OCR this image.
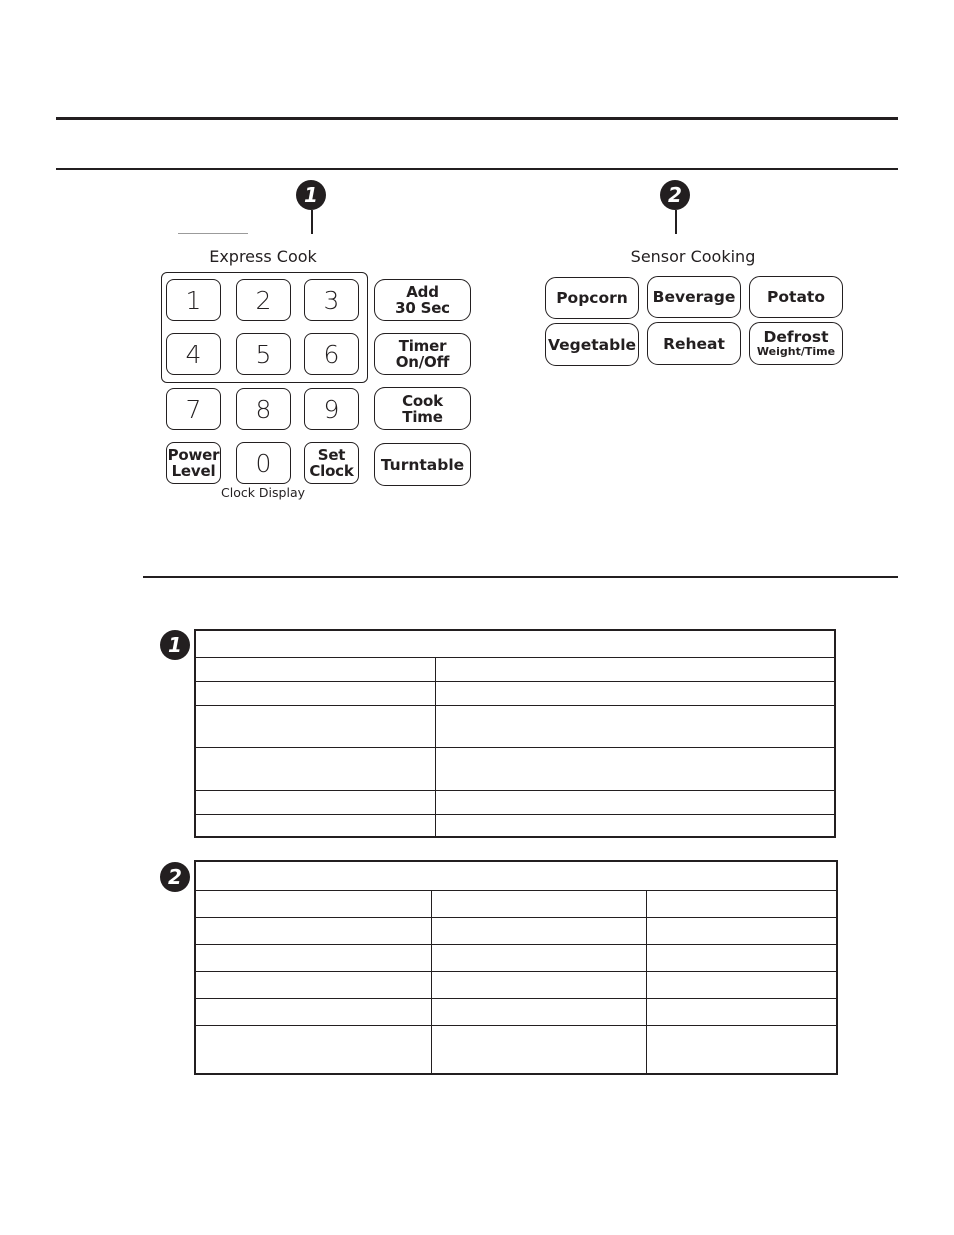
1	2
Express Cook
1	2	3
4	5	6
7	8	9
Power
Level	0	Set
Clock
Clock Display
Add
30 Sec
Timer
On/Off
Cook
Time
Turntable
Sensor Cooking
Popcorn	Beverage	Potato
Vegetable	Reheat	Defrost
Weight/Time
1

2
